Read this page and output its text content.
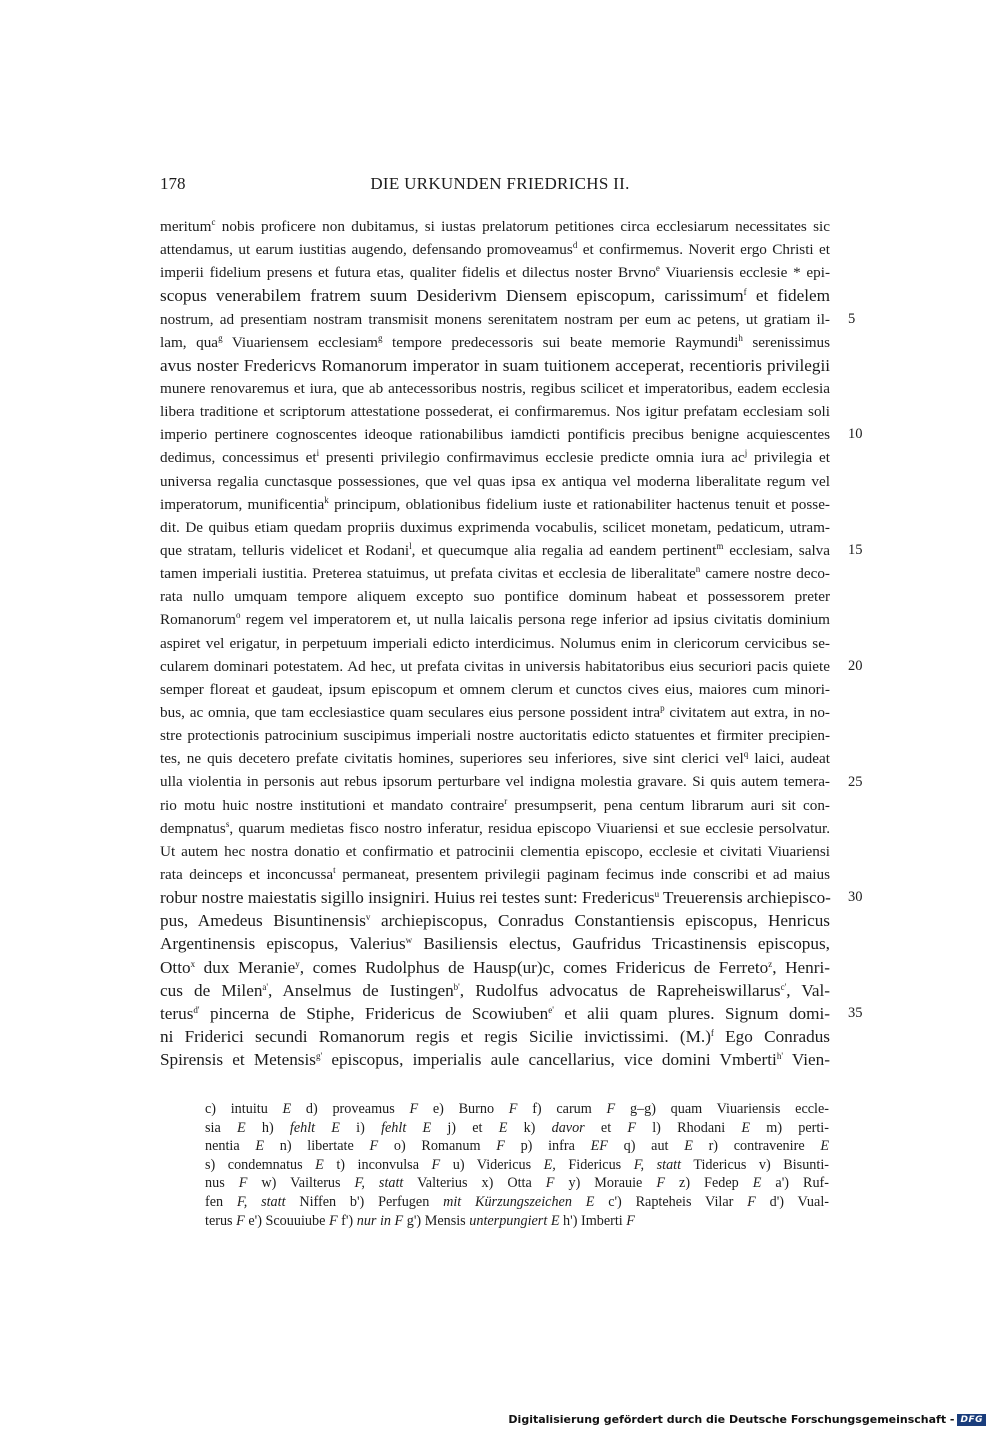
178	DIE URKUNDEN FRIEDRICHS II.
meritum$^c$ nobis proficere non dubitamus, si iustas prelatorum petitiones circa ecclesiarum necessitates sic
attendamus, ut earum iustitias augendo, defensando promoveamus$^d$ et confirmemus. Noverit ergo Christi et
imperii fidelium presens et futura etas, qualiter fidelis et dilectus noster Brvno$^e$ Viuariensis ecclesie * epi-
scopus venerabilem fratrem suum Desiderivm Diensem episcopum, carissimum$^f$ et fidelem
nostrum, ad presentiam nostram transmisit monens serenitatem nostram per eum ac petens, ut gratiam il-
lam, qua$^g$ Viuariensem ecclesiam$^g$ tempore predecessoris sui beate memorie Raymundi$^h$ serenissimus
avus noster Fredericvs Romanorum imperator in suam tuitionem acceperat, recentioris privilegii
munere renovaremus et iura, que ab antecessoribus nostris, regibus scilicet et imperatoribus, eadem ecclesia
libera traditione et scriptorum attestatione possederat, ei confirmaremus. Nos igitur prefatam ecclesiam soli
imperio pertinere cognoscentes ideoque rationabilibus iamdicti pontificis precibus benigne acquiescentes
dedimus, concessimus $et^i$ presenti privilegio confirmavimus ecclesie predicte omnia iura $ac^j$ privilegia et
universa regalia cunctasque possessiones, que vel quas ipsa ex antiqua vel moderna liberalitate regum vel
imperatorum, munificentia$^k$ principum, oblationibus fidelium iuste et rationabiliter hactenus tenuit et posse-
dit. De quibus etiam quedam propriis duximus exprimenda vocabulis, scilicet monetam, pedaticum, utram-
que stratam, telluris videlicet et Rodani$^l$, et quecumque alia regalia ad eandem pertinent$^m$ ecclesiam, salva
tamen imperiali iustitia. Preterea statuimus, ut prefata civitas et ecclesia de liberalitate$^n$ camere nostre deco-
rata nullo umquam tempore aliquem excepto suo pontifice dominum habeat et possessorem preter
Romanorum$^o$ regem vel imperatorem et, ut nulla laicalis persona rege inferior ad ipsius civitatis dominium
aspiret vel erigatur, in perpetuum imperiali edicto interdicimus. Nolumus enim in clericorum cervicibus se-
cularem dominari potestatem. Ad hec, ut prefata civitas in universis habitatoribus eius securiori pacis quiete
semper floreat et gaudeat, ipsum episcopum et omnem clerum et cunctos cives eius, maiores cum minori-
bus, ac omnia, que tam ecclesiastice quam seculares eius persone possident intra$^p$ civitatem aut extra, in no-
stre protectionis patrocinium suscipimus imperiali nostre auctoritatis edicto statuentes et firmiter precipien-
tes, ne quis decetero prefate civitatis homines, superiores seu inferiores, sive sint clerici vel$^q$ laici, audeat
ulla violentia in personis aut rebus ipsorum perturbare vel indigna molestia gravare. Si quis autem temera-
rio motu huic nostre institutioni et mandato contraire$^r$ presumpserit, pena centum librarum auri sit con-
dempnatus$^s$, quarum medietas fisco nostro inferatur, residua episcopo Viuariensi et sue ecclesie persolvatur.
Ut autem hec nostra donatio et confirmatio et patrocinii clementia episcopo, ecclesie et civitati Viuariensi
rata deinceps et inconcussa$^t$ permaneat, presentem privilegii paginam fecimus inde conscribi et ad maius
robur nostre maiestatis sigillo insigniri. Huius rei testes sunt: Fredericus$^u$ Treuerensis archiepisco-
pus, Amedeus Bisuntinensis$^v$ archiepiscopus, Conradus Constantiensis episcopus, Henricus
Argentinensis episcopus, Valerius$^w$ Basiliensis electus, Gaufridus Tricastinensis episcopus,
Otto$^x$ dux Meranie$^y$, comes Rudolphus de Hausp(ur)c, comes Fridericus de Ferreto$^z$, Henri-
cus de Milen$^{a'}$, Anselmus de Iustingen$^{b'}$, Rudolfus advocatus de Rapreheiswillarus$^{c'}$, Val-
terus$^{d'}$ pincerna de Stiphe, Fridericus de Scowiuben$^{e'}$ et alii quam plures. Signum domi-
ni Friderici secundi Romanorum regis et regis Sicilie invictissimi. $(M.)^f$ Ego Conradus
Spirensis et Metensis$^{g'}$ episcopus, imperialis aule cancellarius, vice domini Vmberti$^{h'}$ Vien-
c) intuitu E d) proveamus F e) Burno F f) carum F g–g) quam Viuariensis eccle-
sia E h) fehlt E i) fehlt E j) et E k) davor et F l) Rhodani E m) perti-
nentia E n) libertate F o) Romanum F p) infra EF q) aut E r) contravenire E
s) condemnatus E t) inconvulsa F u) Videricus E, Fidericus F, statt Tidericus v) Bisunti-
nus F w) Vailterus F, statt Valterius x) Otta F y) Morauie F z) Fedep E a') Ruf-
fen F, statt Niffen b') Perfugen mit Kürzungszeichen E c') Rapteheis Vilar F d') Vual-
terus F e') Scouuiube F f') nur in F g') Mensis unterpungiert E h') Imberti F
Digitalisierung gefördert durch die Deutsche Forschungsgemeinschaft - DFG
5
10
15
20
25
30
35
